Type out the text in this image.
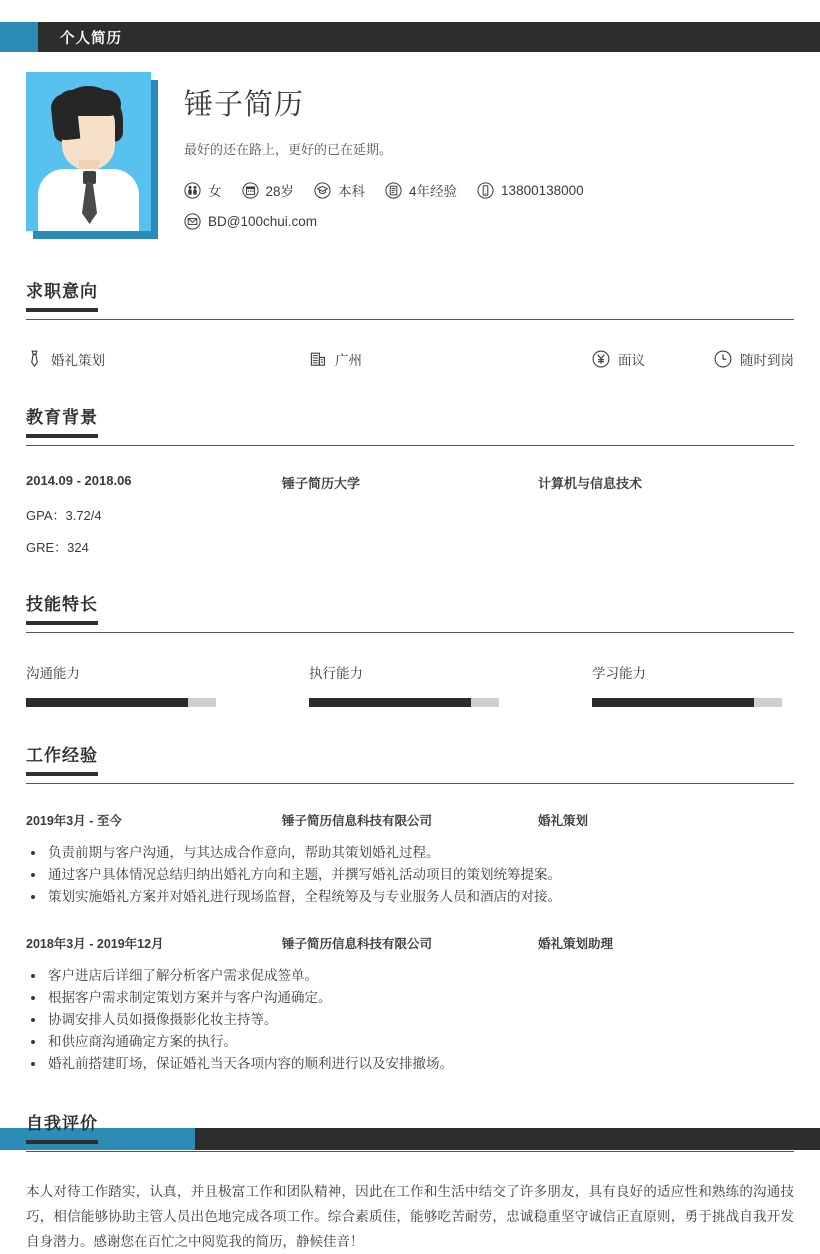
个人简历
锤子简历

最好的还在路上，更好的已在延期。

女	28岁	本科	4年经验	13800138000
BD@100chui.com
求职意向
婚礼策划	广州	面议	随时到岗
教育背景
2014.09 - 2018.06	锤子简历大学	计算机与信息技术
GPA：3.72/4
GRE：324
技能特长
沟通能力	执行能力	学习能力
工作经验
2019年3月 - 至今	锤子简历信息科技有限公司	婚礼策划
负责前期与客户沟通，与其达成合作意向，帮助其策划婚礼过程。
通过客户具体情况总结归纳出婚礼方向和主题，并撰写婚礼活动项目的策划统筹提案。
策划实施婚礼方案并对婚礼进行现场监督，全程统筹及与专业服务人员和酒店的对接。
2018年3月 - 2019年12月	锤子简历信息科技有限公司	婚礼策划助理
客户进店后详细了解分析客户需求促成签单。
根据客户需求制定策划方案并与客户沟通确定。
协调安排人员如摄像摄影化妆主持等。
和供应商沟通确定方案的执行。
婚礼前搭建盯场，保证婚礼当天各项内容的顺利进行以及安排撤场。
自我评价
本人对待工作踏实，认真，并且极富工作和团队精神，因此在工作和生活中结交了许多朋友，具有良好的适应性和熟练的沟通技巧，相信能够协助主管人员出色地完成各项工作。综合素质佳，能够吃苦耐劳，忠诚稳重坚守诚信正直原则，勇于挑战自我开发自身潜力。感谢您在百忙之中阅览我的简历，静候佳音！
